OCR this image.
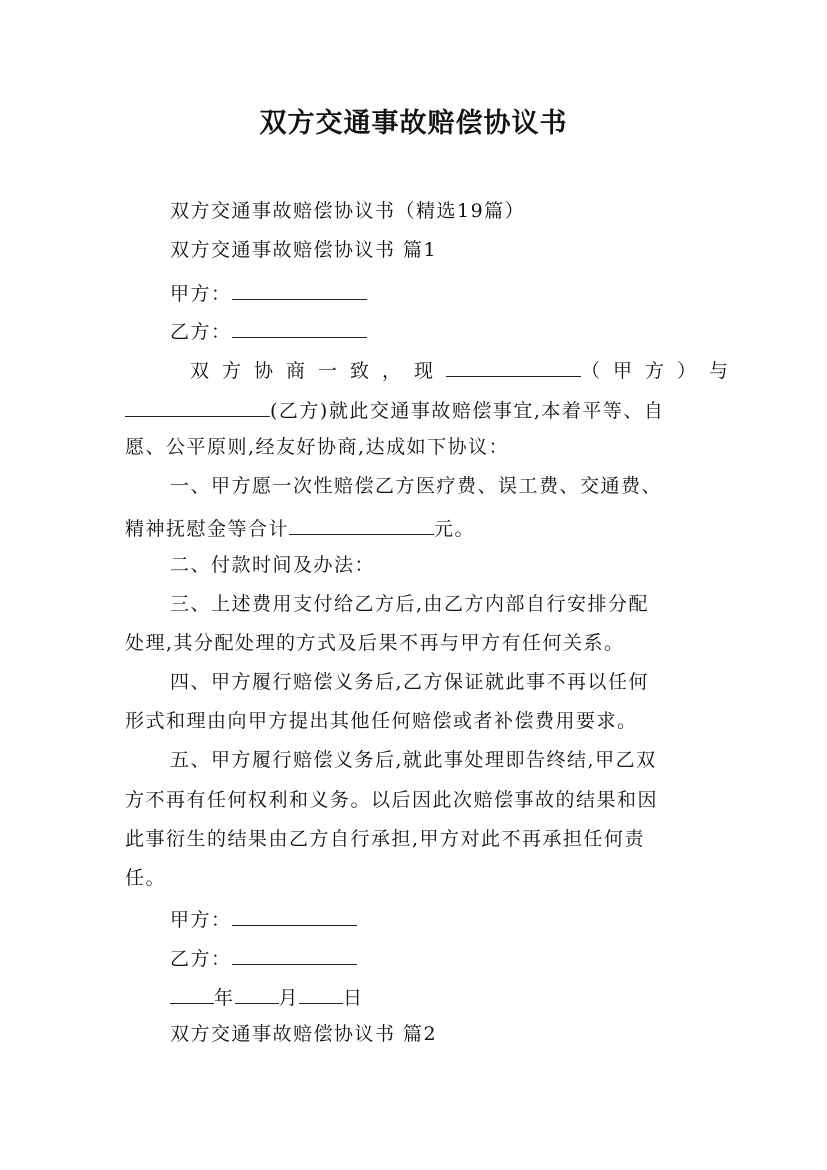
双方交通事故赔偿协议书
双方交通事故赔偿协议书（精选19篇）
双方交通事故赔偿协议书 篇1
甲方：
乙方：
双方协商一致，现	（甲方）与
(乙方)就此交通事故赔偿事宜,本着平等、自
愿、公平原则,经友好协商,达成如下协议：
一、甲方愿一次性赔偿乙方医疗费、误工费、交通费、
精神抚慰金等合计	元。
二、付款时间及办法：
三、上述费用支付给乙方后,由乙方内部自行安排分配
处理,其分配处理的方式及后果不再与甲方有任何关系。
四、甲方履行赔偿义务后,乙方保证就此事不再以任何
形式和理由向甲方提出其他任何赔偿或者补偿费用要求。
五、甲方履行赔偿义务后,就此事处理即告终结,甲乙双
方不再有任何权利和义务。以后因此次赔偿事故的结果和因
此事衍生的结果由乙方自行承担,甲方对此不再承担任何责
任。
甲方：
乙方：
年 月 日
双方交通事故赔偿协议书 篇2
